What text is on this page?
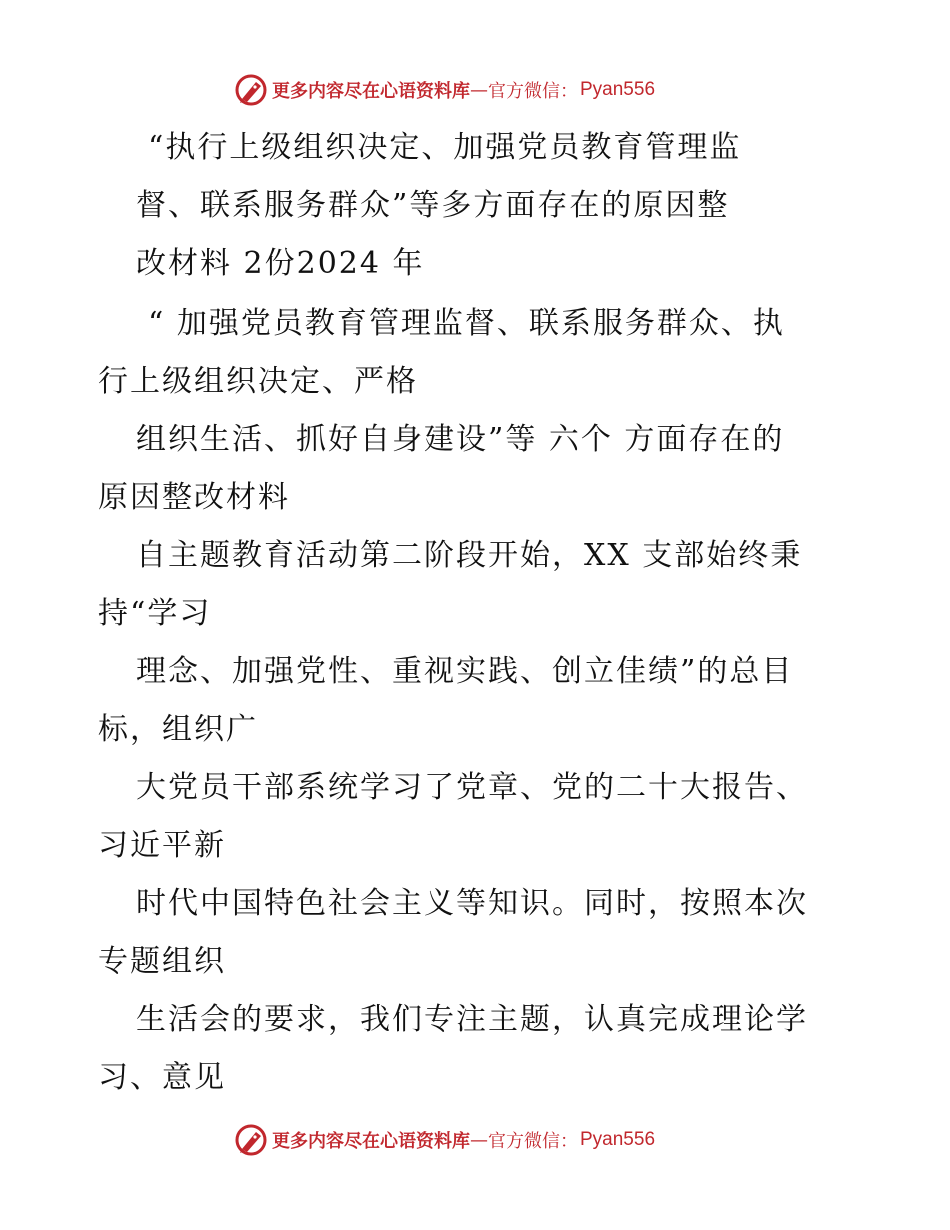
更多内容尽在心语资料库 — 官方微信： Pyan556
“执行上级组织决定、加强党员教育管理监
督、联系服务群众”等多方面存在的原因整
改材料 2份2024 年
“ 加强党员教育管理监督、联系服务群众、执
行上级组织决定、严格
组织生活、抓好自身建设”等 六个 方面存在的
原因整改材料
自主题教育活动第二阶段开始，XX 支部始终秉
持“学习
理念、加强党性、重视实践、创立佳绩”的总目
标，组织广
大党员干部系统学习了党章、党的二十大报告、
习近平新
时代中国特色社会主义等知识。同时，按照本次
专题组织
生活会的要求，我们专注主题，认真完成理论学
习、意见
更多内容尽在心语资料库 — 官方微信： Pyan556
